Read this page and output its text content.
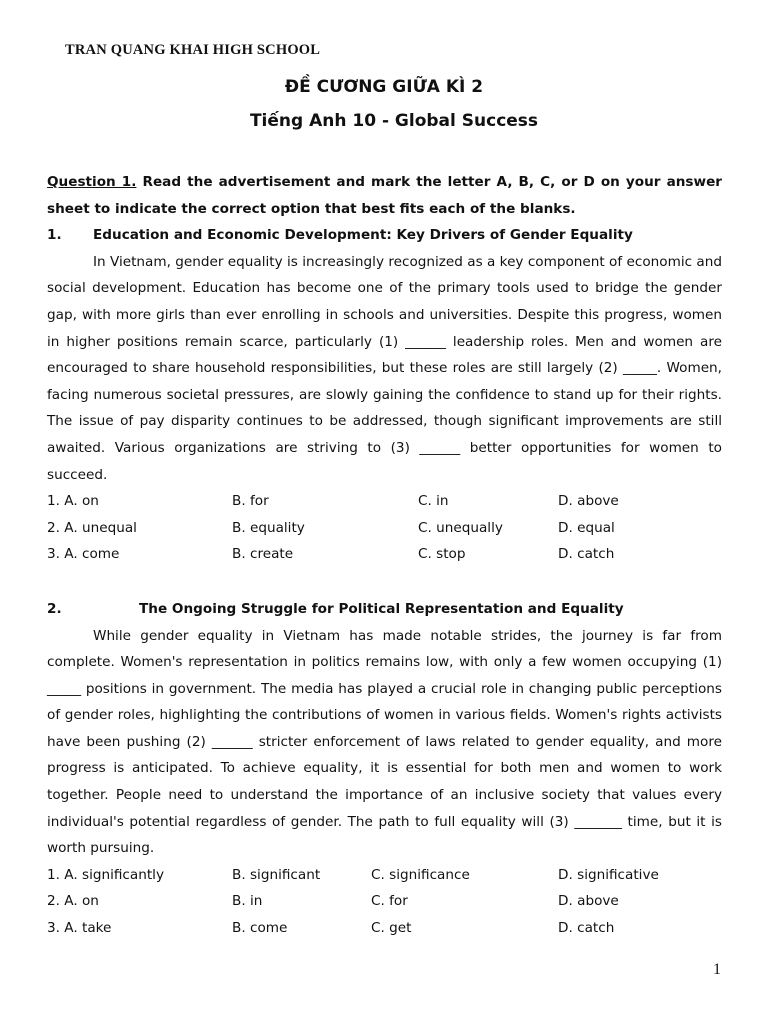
TRAN QUANG KHAI HIGH SCHOOL
ĐỀ CƯƠNG GIỮA KÌ 2
Tiếng Anh 10 - Global Success

Question 1. Read the advertisement and mark the letter A, B, C, or D on your answer sheet to indicate the correct option that best fits each of the blanks.

1.	Education and Economic Development: Key Drivers of Gender Equality

In Vietnam, gender equality is increasingly recognized as a key component of economic and social development. Education has become one of the primary tools used to bridge the gender gap, with more girls than ever enrolling in schools and universities. Despite this progress, women in higher positions remain scarce, particularly (1) ______ leadership roles. Men and women are encouraged to share household responsibilities, but these roles are still largely (2) _____. Women, facing numerous societal pressures, are slowly gaining the confidence to stand up for their rights. The issue of pay disparity continues to be addressed, though significant improvements are still awaited. Various organizations are striving to (3) ______ better opportunities for women to succeed.

1. A. on	B. for	C. in	D. above
2. A. unequal	B. equality	C. unequally	D. equal
3. A. come	B. create	C. stop	D. catch
2.	The Ongoing Struggle for Political Representation and Equality

While gender equality in Vietnam has made notable strides, the journey is far from complete. Women's representation in politics remains low, with only a few women occupying (1) _____ positions in government. The media has played a crucial role in changing public perceptions of gender roles, highlighting the contributions of women in various fields. Women's rights activists have been pushing (2) ______ stricter enforcement of laws related to gender equality, and more progress is anticipated. To achieve equality, it is essential for both men and women to work together. People need to understand the importance of an inclusive society that values every individual's potential regardless of gender. The path to full equality will (3) _______ time, but it is worth pursuing.

1. A. significantly	B. significant	C. significance	D. significative
2. A. on	B. in	C. for	D. above
3. A. take	B. come	C. get	D. catch
1
